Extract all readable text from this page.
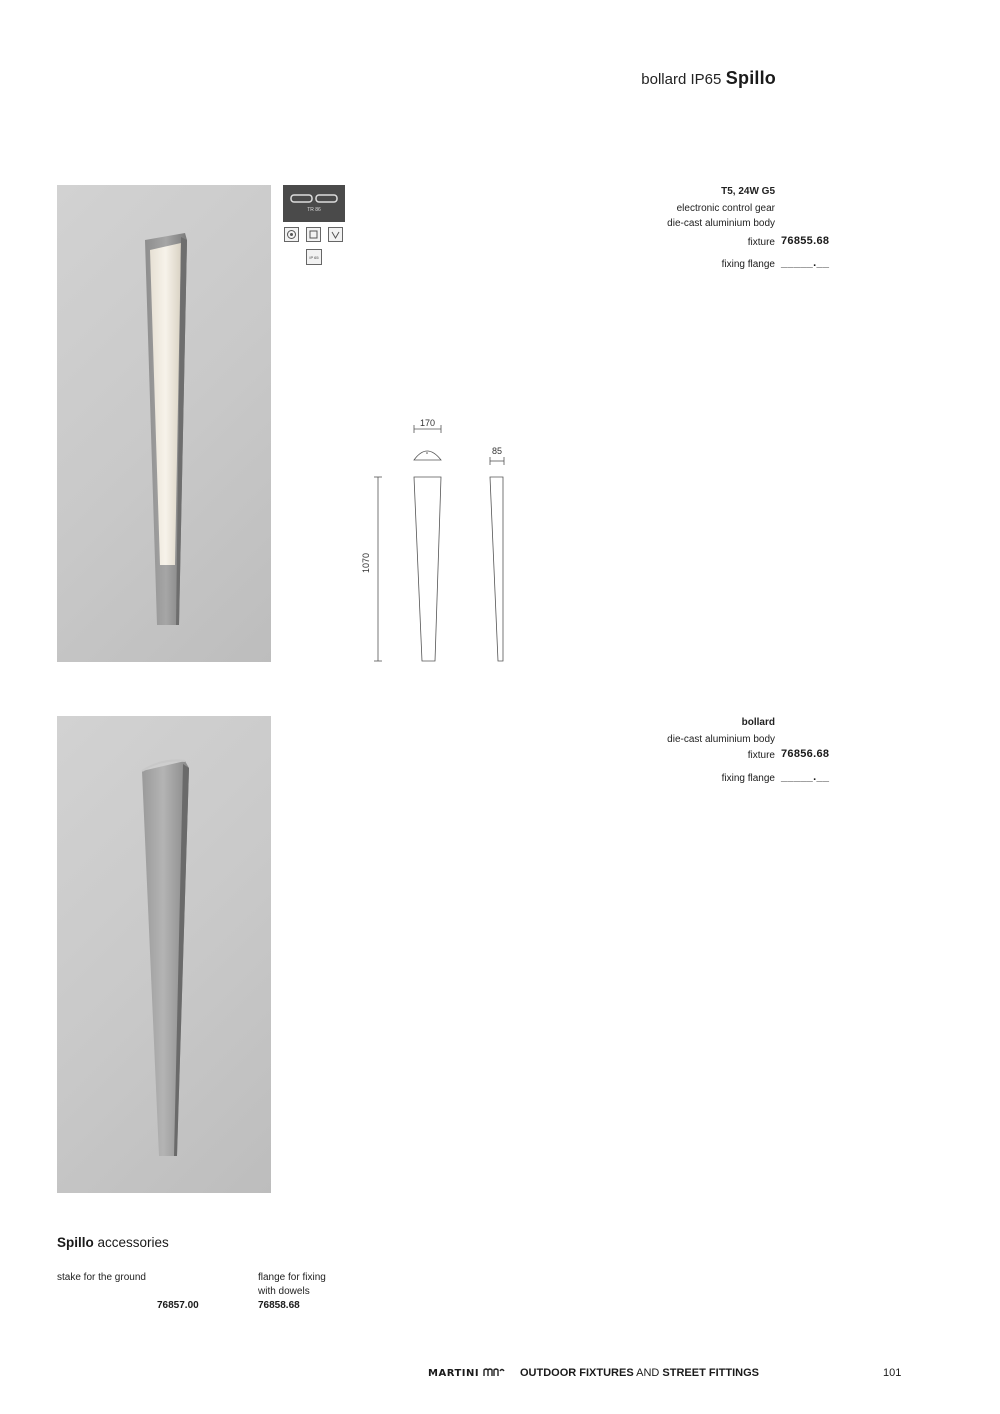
bollard IP65 Spillo
TR 86
IP 65
T5, 24W G5
electronic control gear
die-cast aluminium body
fixture 76855.68
fixing flange _____.__
bollard
die-cast aluminium body
fixture 76856.68
fixing flange _____.__
170
85
1070
Spillo accessories
stake for the ground
76857.00
flange for fixing
with dowels
76858.68
MARTINI	OUTDOOR FIXTURES AND STREET FITTINGS	101
